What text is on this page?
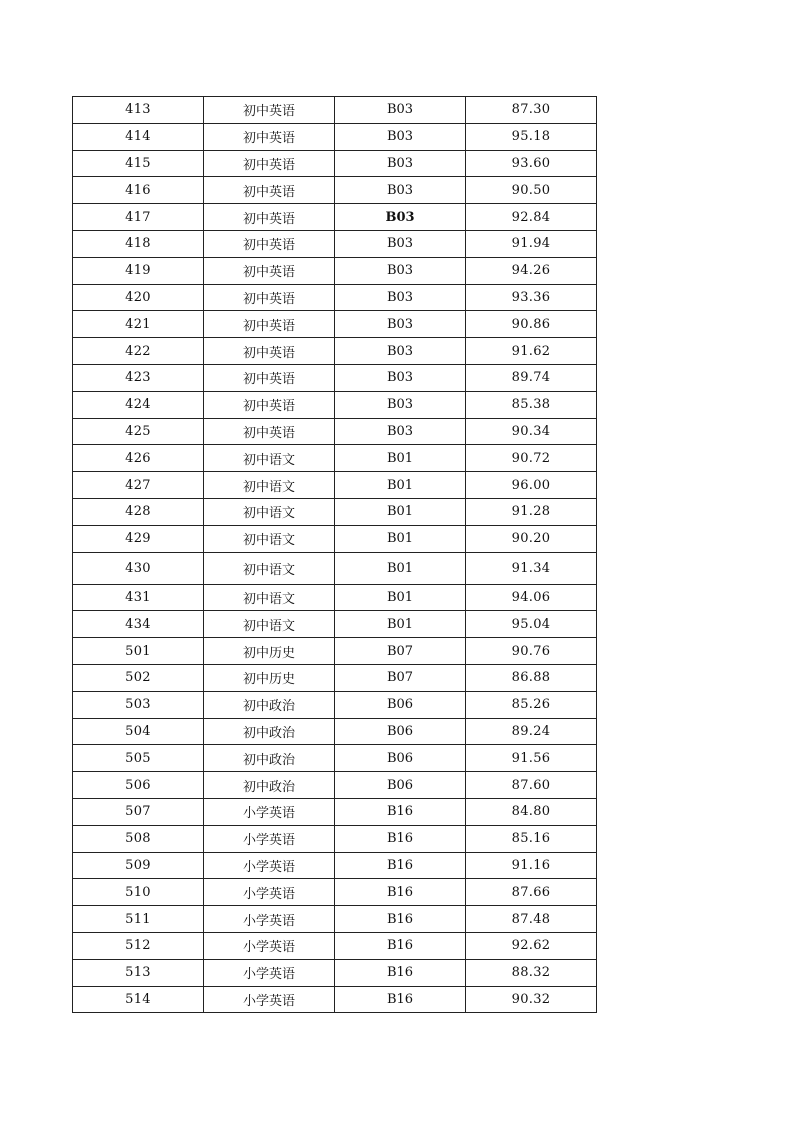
413	初中英语	B03	87.30
414	初中英语	B03	95.18
415	初中英语	B03	93.60
416	初中英语	B03	90.50
417	初中英语	B03	92.84
418	初中英语	B03	91.94
419	初中英语	B03	94.26
420	初中英语	B03	93.36
421	初中英语	B03	90.86
422	初中英语	B03	91.62
423	初中英语	B03	89.74
424	初中英语	B03	85.38
425	初中英语	B03	90.34
426	初中语文	B01	90.72
427	初中语文	B01	96.00
428	初中语文	B01	91.28
429	初中语文	B01	90.20
430	初中语文	B01	91.34
431	初中语文	B01	94.06
434	初中语文	B01	95.04
501	初中历史	B07	90.76
502	初中历史	B07	86.88
503	初中政治	B06	85.26
504	初中政治	B06	89.24
505	初中政治	B06	91.56
506	初中政治	B06	87.60
507	小学英语	B16	84.80
508	小学英语	B16	85.16
509	小学英语	B16	91.16
510	小学英语	B16	87.66
511	小学英语	B16	87.48
512	小学英语	B16	92.62
513	小学英语	B16	88.32
514	小学英语	B16	90.32
